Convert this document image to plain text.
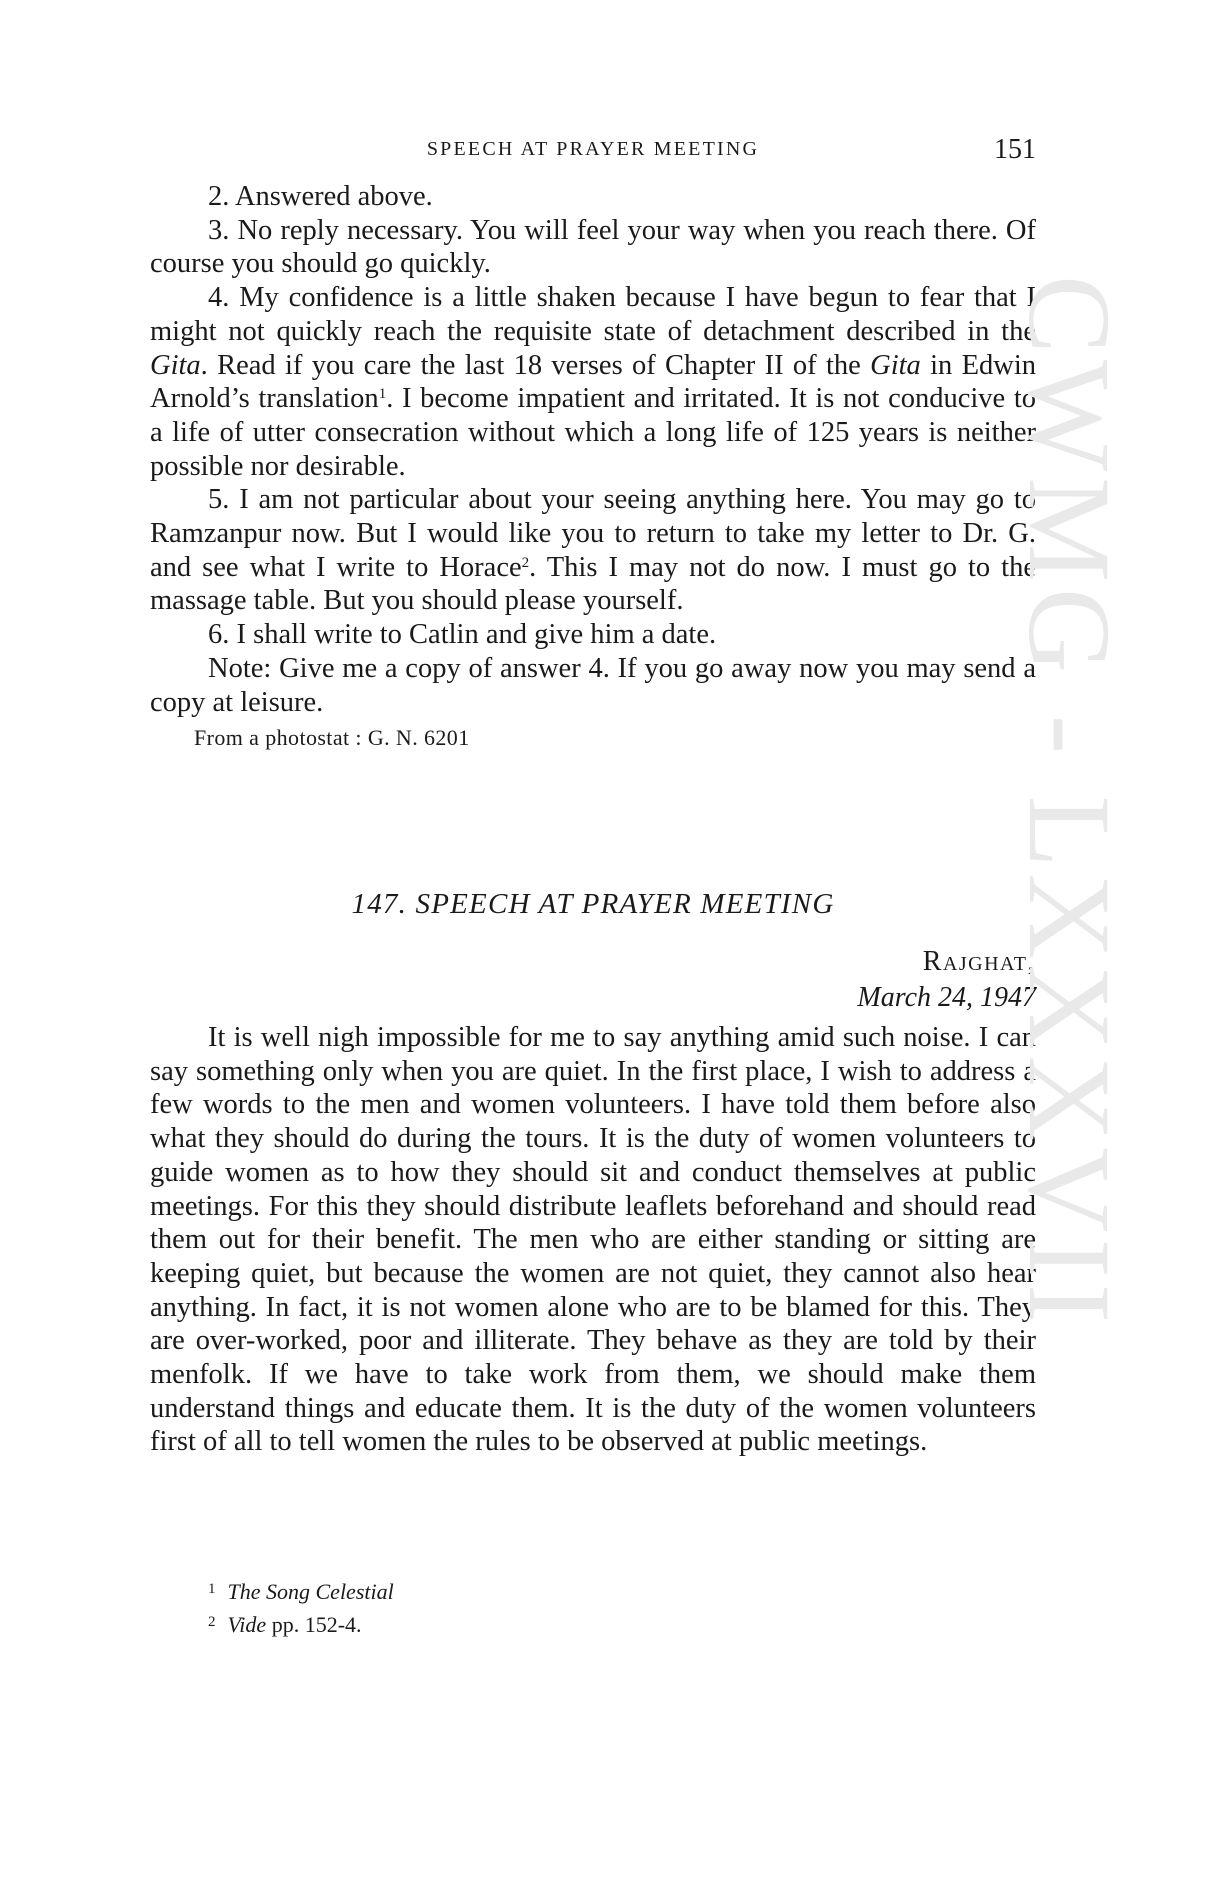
SPEECH AT PRAYER MEETING	151

2. Answered above.

3. No reply necessary. You will feel your way when you reach there. Of course you should go quickly.

4. My confidence is a little shaken because I have begun to fear that I might not quickly reach the requisite state of detachment described in the Gita. Read if you care the last 18 verses of Chapter II of the Gita in Edwin Arnold’s translation$^1$. I become impatient and irritated. It is not conducive to a life of utter consecration without which a long life of 125 years is neither possible nor desirable.

5. I am not particular about your seeing anything here. You may go to Ramzanpur now. But I would like you to return to take my letter to Dr. G. and see what I write to Horace$^2$. This I may not do now. I must go to the massage table. But you should please yourself.

6. I shall write to Catlin and give him a date.

Note: Give me a copy of answer 4. If you go away now you may send a copy at leisure.

From a photostat : G. N. 6201

147. SPEECH AT PRAYER MEETING
Rajghat,
March 24, 1947

It is well nigh impossible for me to say anything amid such noise. I can say something only when you are quiet. In the first place, I wish to address a few words to the men and women volunteers. I have told them before also what they should do during the tours. It is the duty of women volunteers to guide women as to how they should sit and conduct themselves at public meetings. For this they should distribute leaflets beforehand and should read them out for their benefit. The men who are either standing or sitting are keeping quiet, but because the women are not quiet, they cannot also hear anything. In fact, it is not women alone who are to be blamed for this. They are over-worked, poor and illiterate. They behave as they are told by their menfolk. If we have to take work from them, we should make them understand things and educate them. It is the duty of the women volunteers first of all to tell women the rules to be observed at public meetings.

$^1$ The Song Celestial

$^2$ Vide pp. 152-4.

CWMG - LXXXVII
